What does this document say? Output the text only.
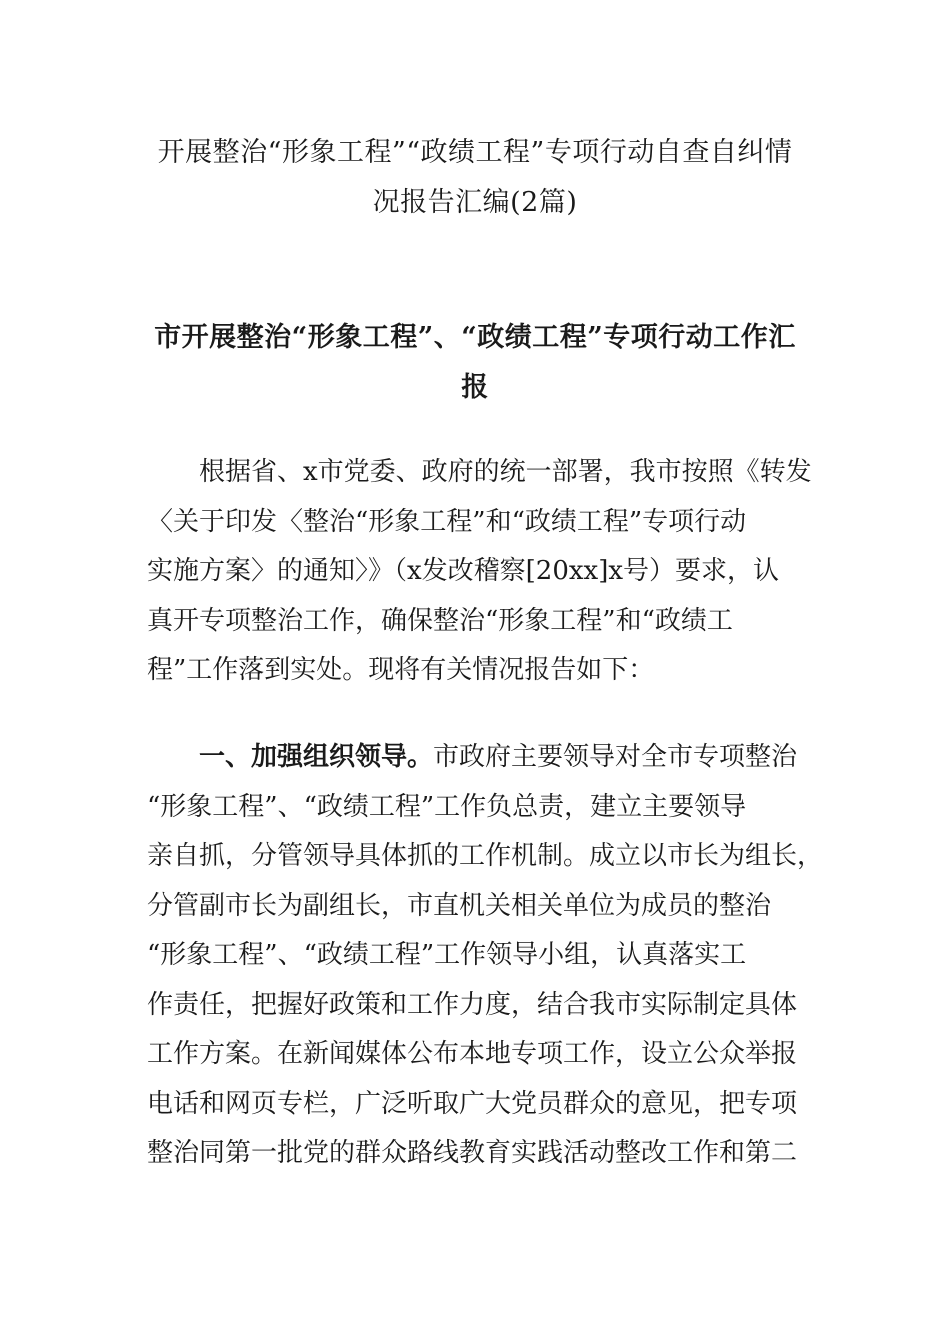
开展整治“形象工程”“政绩工程”专项行动自查自纠情
况报告汇编(2篇)
市开展整治“形象工程”、“政绩工程”专项行动工作汇
报
根据省、x市党委、政府的统一部署，我市按照《转发
〈关于印发〈整治“形象工程”和“政绩工程”专项行动
实施方案〉的通知〉》（x发改稽察[20xx]x号）要求，认
真开专项整治工作，确保整治“形象工程”和“政绩工
程”工作落到实处。现将有关情况报告如下：
一、加强组织领导。市政府主要领导对全市专项整治
“形象工程”、“政绩工程”工作负总责，建立主要领导
亲自抓，分管领导具体抓的工作机制。成立以市长为组长，
分管副市长为副组长，市直机关相关单位为成员的整治
“形象工程”、“政绩工程”工作领导小组，认真落实工
作责任，把握好政策和工作力度，结合我市实际制定具体
工作方案。在新闻媒体公布本地专项工作，设立公众举报
电话和网页专栏，广泛听取广大党员群众的意见，把专项
整治同第一批党的群众路线教育实践活动整改工作和第二
